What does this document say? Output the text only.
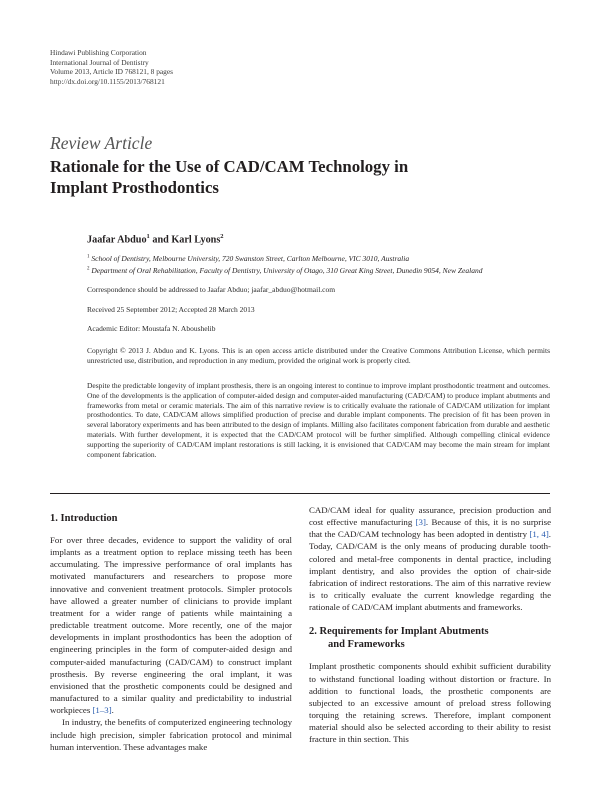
Hindawi Publishing Corporation
International Journal of Dentistry
Volume 2013, Article ID 768121, 8 pages
http://dx.doi.org/10.1155/2013/768121
Review Article
Rationale for the Use of CAD/CAM Technology in
Implant Prosthodontics
Jaafar Abduo$^1$ and Karl Lyons$^2$
$^1$ School of Dentistry, Melbourne University, 720 Swanston Street, Carlton Melbourne, VIC 3010, Australia
$^2$ Department of Oral Rehabilitation, Faculty of Dentistry, University of Otago, 310 Great King Street, Dunedin 9054, New Zealand
Correspondence should be addressed to Jaafar Abduo; jaafar_abduo@hotmail.com
Received 25 September 2012; Accepted 28 March 2013
Academic Editor: Moustafa N. Aboushelib
Copyright © 2013 J. Abduo and K. Lyons. This is an open access article distributed under the Creative Commons Attribution License, which permits unrestricted use, distribution, and reproduction in any medium, provided the original work is properly cited.
Despite the predictable longevity of implant prosthesis, there is an ongoing interest to continue to improve implant prosthodontic treatment and outcomes. One of the developments is the application of computer-aided design and computer-aided manufacturing (CAD/CAM) to produce implant abutments and frameworks from metal or ceramic materials. The aim of this narrative review is to critically evaluate the rationale of CAD/CAM utilization for implant prosthodontics. To date, CAD/CAM allows simplified production of precise and durable implant components. The precision of fit has been proven in several laboratory experiments and has been attributed to the design of implants. Milling also facilitates component fabrication from durable and aesthetic materials. With further development, it is expected that the CAD/CAM protocol will be further simplified. Although compelling clinical evidence supporting the superiority of CAD/CAM implant restorations is still lacking, it is envisioned that CAD/CAM may become the main stream for implant component fabrication.
1. Introduction

For over three decades, evidence to support the validity of oral implants as a treatment option to replace missing teeth has been accumulating. The impressive performance of oral implants has motivated manufacturers and researchers to propose more innovative and convenient treatment protocols. Simpler protocols have allowed a greater number of clinicians to provide implant treatment for a wider range of patients while maintaining a predictable treatment outcome. More recently, one of the major developments in implant prosthodontics has been the adoption of engineering principles in the form of computer-aided design and computer-aided manufacturing (CAD/CAM) to construct implant prosthesis. By reverse engineering the oral implant, it was envisioned that the prosthetic components could be designed and manufactured to a similar quality and predictability to industrial workpieces [1–3].

In industry, the benefits of computerized engineering technology include high precision, simpler fabrication protocol and minimal human intervention. These advantages make

CAD/CAM ideal for quality assurance, precision production and cost effective manufacturing [3]. Because of this, it is no surprise that the CAD/CAM technology has been adopted in dentistry [1, 4]. Today, CAD/CAM is the only means of producing durable tooth-colored and metal-free components in dental practice, including implant dentistry, and also provides the option of chair-side fabrication of indirect restorations. The aim of this narrative review is to critically evaluate the current knowledge regarding the rationale of CAD/CAM implant abutments and frameworks.

2. Requirements for Implant Abutments
and Frameworks

Implant prosthetic components should exhibit sufficient durability to withstand functional loading without distortion or fracture. In addition to functional loads, the prosthetic components are subjected to an excessive amount of preload stress following torquing the retaining screws. Therefore, implant component material should also be selected according to their ability to resist fracture in thin section. This
